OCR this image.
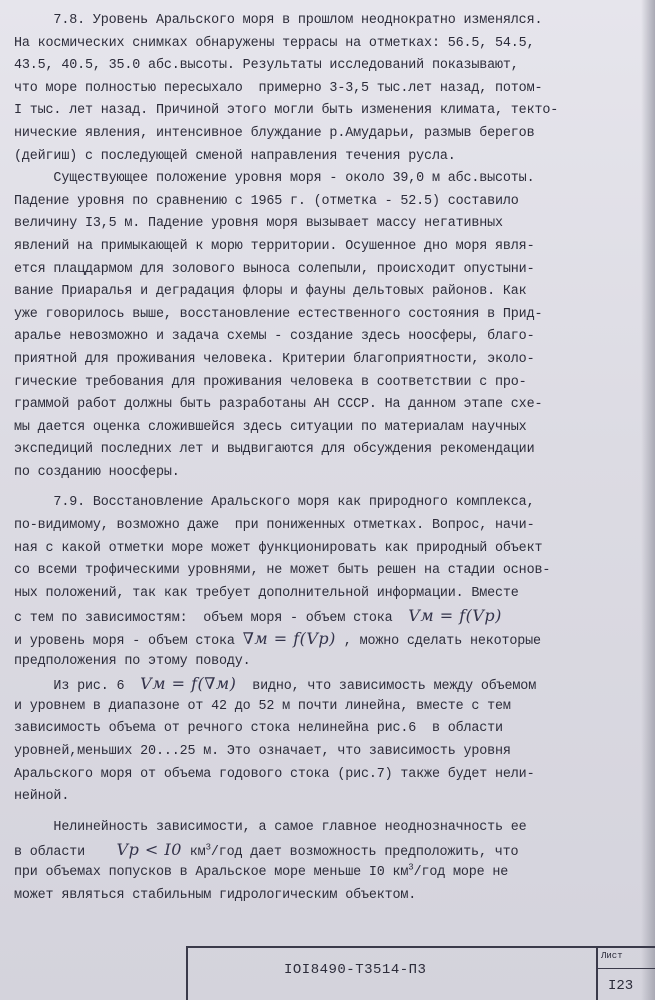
7.8. Уровень Аральского моря в прошлом неоднократно изменялся.
На космических снимках обнаружены террасы на отметках: 56.5, 54.5,
43.5, 40.5, 35.0 абс.высоты. Результаты исследований показывают,
что море полностью пересыхало  примерно 3-3,5 тыс.лет назад, потом-
I тыс. лет назад. Причиной этого могли быть изменения климата, текто-
нические явления, интенсивное блуждание р.Амударьи, размыв берегов
(дейгиш) с последующей сменой направления течения русла.
Существующее положение уровня моря - около 39,0 м абс.высоты.
Падение уровня по сравнению с 1965 г. (отметка - 52.5) составило
величину I3,5 м. Падение уровня моря вызывает массу негативных
явлений на примыкающей к морю территории. Осушенное дно моря явля-
ется плацдармом для золового выноса солепыли, происходит опустыни-
вание Приаралья и деградация флоры и фауны дельтовых районов. Как
уже говорилось выше, восстановление естественного состояния в Прид-
аралье невозможно и задача схемы - создание здесь ноосферы, благо-
приятной для проживания человека. Критерии благоприятности, эколо-
гические требования для проживания человека в соответствии с про-
граммой работ должны быть разработаны АН СССР. На данном этапе схе-
мы дается оценка сложившейся здесь ситуации по материалам научных
экспедиций последних лет и выдвигаются для обсуждения рекомендации
по созданию ноосферы.
7.9. Восстановление Аральского моря как природного комплекса,
по-видимому, возможно даже  при пониженных отметках. Вопрос, начи-
ная с какой отметки море может функционировать как природный объект
со всеми трофическими уровнями, не может быть решен на стадии основ-
ных положений, так как требует дополнительной информации. Вместе
с тем по зависимостям:  объем моря - объем стока  Vм = f(Vр)
и уровень моря - объем стока ∇м = f(Vр) , можно сделать некоторые
предположения по этому поводу.
Из рис. 6  Vм = f(∇м)  видно, что зависимость между объемом
и уровнем в диапазоне от 42 до 52 м почти линейна, вместе с тем
зависимость объема от речного стока нелинейна рис.6  в области
уровней,меньших 20...25 м. Это означает, что зависимость уровня
Аральского моря от объема годового стока (рис.7) также будет нели-
нейной.
Нелинейность зависимости, а самое главное неоднозначность ее
в области    Vр < I0 $км^3$/год дает возможность предположить, что
при объемах попусков в Аральское море меньше I0 $км^3$/год море не
может являться стабильным гидрологическим объектом.
IOI8490-Т3514-П3
Лист
I23
